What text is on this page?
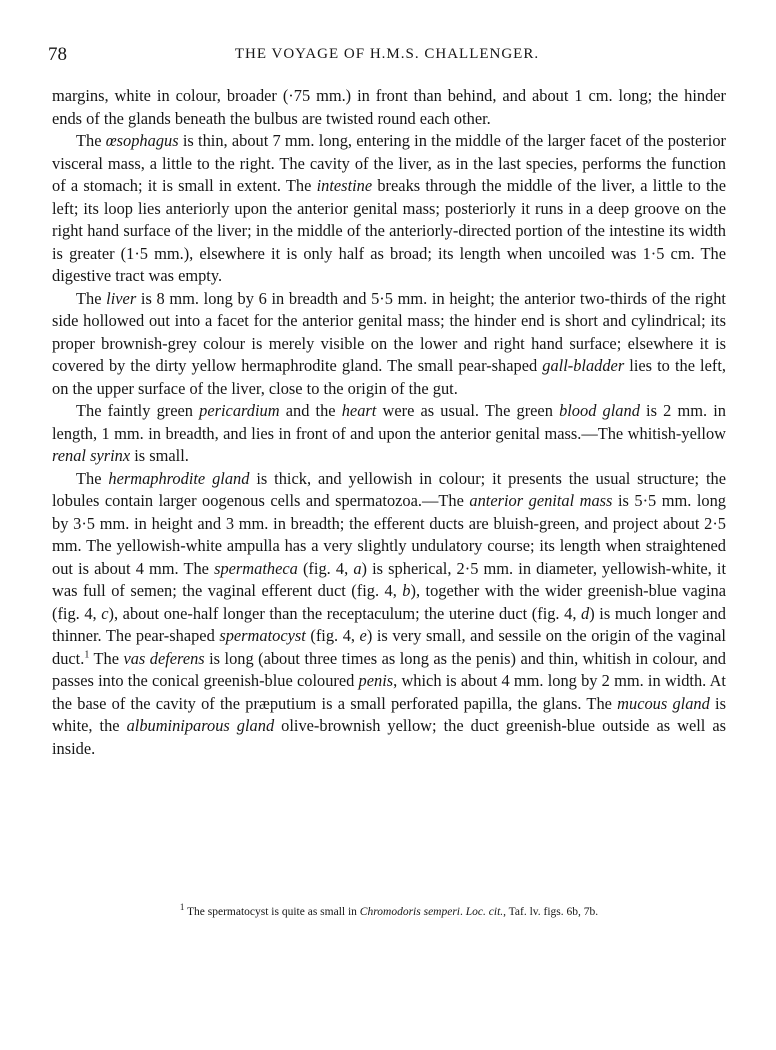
78	THE VOYAGE OF H.M.S. CHALLENGER.

margins, white in colour, broader (·75 mm.) in front than behind, and about 1 cm. long; the hinder ends of the glands beneath the bulbus are twisted round each other.

The œsophagus is thin, about 7 mm. long, entering in the middle of the larger facet of the posterior visceral mass, a little to the right. The cavity of the liver, as in the last species, performs the function of a stomach; it is small in extent. The intestine breaks through the middle of the liver, a little to the left; its loop lies anteriorly upon the anterior genital mass; posteriorly it runs in a deep groove on the right hand surface of the liver; in the middle of the anteriorly-directed portion of the intestine its width is greater (1·5 mm.), elsewhere it is only half as broad; its length when uncoiled was 1·5 cm. The digestive tract was empty.

The liver is 8 mm. long by 6 in breadth and 5·5 mm. in height; the anterior two-thirds of the right side hollowed out into a facet for the anterior genital mass; the hinder end is short and cylindrical; its proper brownish-grey colour is merely visible on the lower and right hand surface; elsewhere it is covered by the dirty yellow hermaphrodite gland. The small pear-shaped gall-bladder lies to the left, on the upper surface of the liver, close to the origin of the gut.

The faintly green pericardium and the heart were as usual. The green blood gland is 2 mm. in length, 1 mm. in breadth, and lies in front of and upon the anterior genital mass.—The whitish-yellow renal syrinx is small.

The hermaphrodite gland is thick, and yellowish in colour; it presents the usual structure; the lobules contain larger oogenous cells and spermatozoa.—The anterior genital mass is 5·5 mm. long by 3·5 mm. in height and 3 mm. in breadth; the efferent ducts are bluish-green, and project about 2·5 mm. The yellowish-white ampulla has a very slightly undulatory course; its length when straightened out is about 4 mm. The spermatheca (fig. 4, a) is spherical, 2·5 mm. in diameter, yellowish-white, it was full of semen; the vaginal efferent duct (fig. 4, b), together with the wider greenish-blue vagina (fig. 4, c), about one-half longer than the receptaculum; the uterine duct (fig. 4, d) is much longer and thinner. The pear-shaped spermatocyst (fig. 4, e) is very small, and sessile on the origin of the vaginal duct.$^1$ The vas deferens is long (about three times as long as the penis) and thin, whitish in colour, and passes into the conical greenish-blue coloured penis, which is about 4 mm. long by 2 mm. in width. At the base of the cavity of the præputium is a small perforated papilla, the glans. The mucous gland is white, the albuminiparous gland olive-brownish yellow; the duct greenish-blue outside as well as inside.

$^1$ The spermatocyst is quite as small in Chromodoris semperi. Loc. cit., Taf. lv. figs. 6b, 7b.
